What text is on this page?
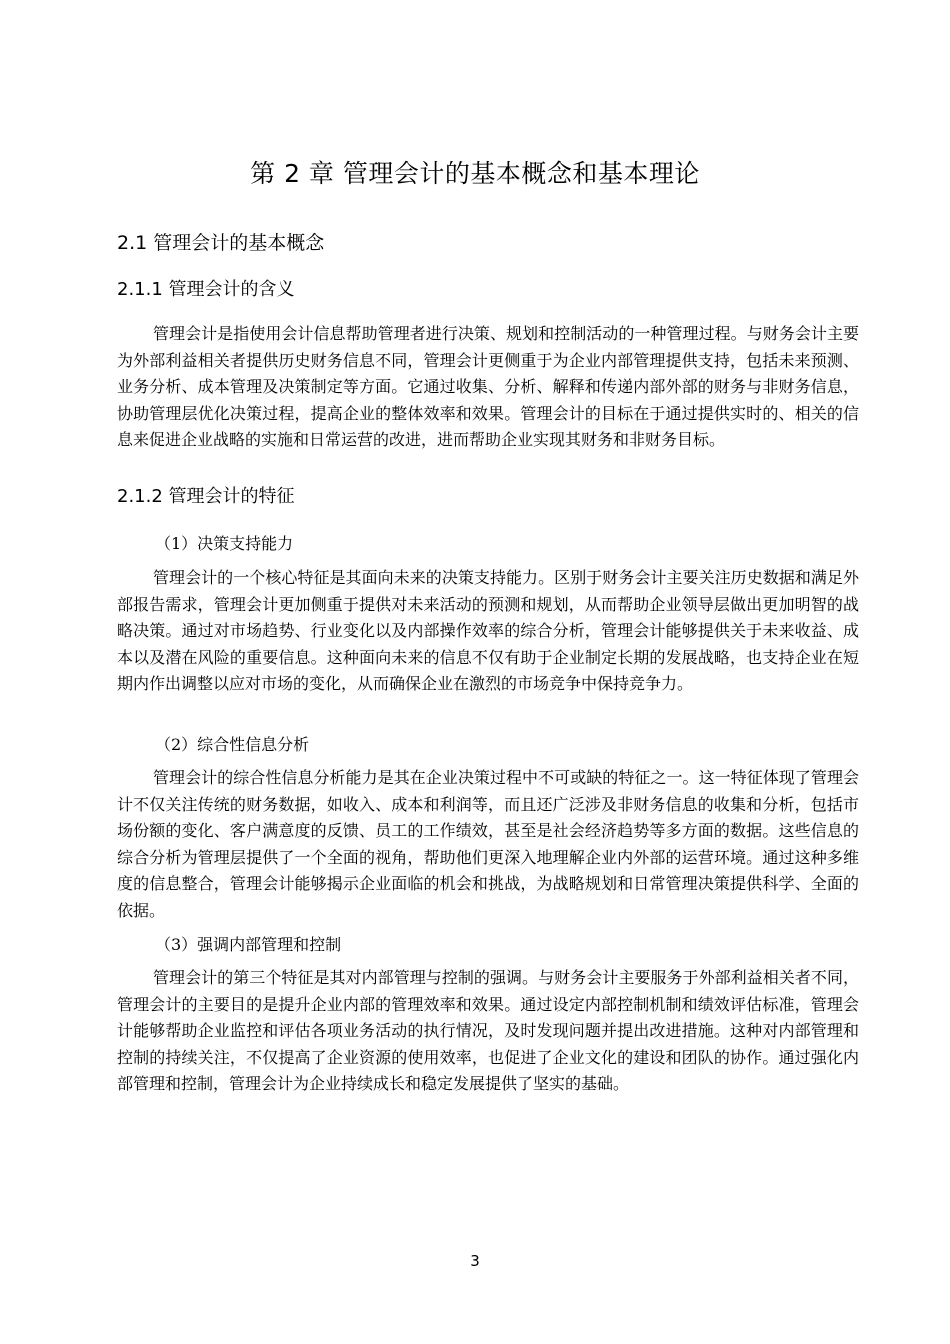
第 2 章 管理会计的基本概念和基本理论
2.1 管理会计的基本概念
2.1.1 管理会计的含义
管理会计是指使用会计信息帮助管理者进行决策、规划和控制活动的一种管理过程。与财务会计主要为外部利益相关者提供历史财务信息不同，管理会计更侧重于为企业内部管理提供支持，包括未来预测、业务分析、成本管理及决策制定等方面。它通过收集、分析、解释和传递内部外部的财务与非财务信息，协助管理层优化决策过程，提高企业的整体效率和效果。管理会计的目标在于通过提供实时的、相关的信息来促进企业战略的实施和日常运营的改进，进而帮助企业实现其财务和非财务目标。
2.1.2 管理会计的特征
（1）决策支持能力
管理会计的一个核心特征是其面向未来的决策支持能力。区别于财务会计主要关注历史数据和满足外部报告需求，管理会计更加侧重于提供对未来活动的预测和规划，从而帮助企业领导层做出更加明智的战略决策。通过对市场趋势、行业变化以及内部操作效率的综合分析，管理会计能够提供关于未来收益、成本以及潜在风险的重要信息。这种面向未来的信息不仅有助于企业制定长期的发展战略，也支持企业在短期内作出调整以应对市场的变化，从而确保企业在激烈的市场竞争中保持竞争力。
（2）综合性信息分析
管理会计的综合性信息分析能力是其在企业决策过程中不可或缺的特征之一。这一特征体现了管理会计不仅关注传统的财务数据，如收入、成本和利润等，而且还广泛涉及非财务信息的收集和分析，包括市场份额的变化、客户满意度的反馈、员工的工作绩效，甚至是社会经济趋势等多方面的数据。这些信息的综合分析为管理层提供了一个全面的视角，帮助他们更深入地理解企业内外部的运营环境。通过这种多维度的信息整合，管理会计能够揭示企业面临的机会和挑战，为战略规划和日常管理决策提供科学、全面的依据。
（3）强调内部管理和控制
管理会计的第三个特征是其对内部管理与控制的强调。与财务会计主要服务于外部利益相关者不同，管理会计的主要目的是提升企业内部的管理效率和效果。通过设定内部控制机制和绩效评估标准，管理会计能够帮助企业监控和评估各项业务活动的执行情况，及时发现问题并提出改进措施。这种对内部管理和控制的持续关注，不仅提高了企业资源的使用效率，也促进了企业文化的建设和团队的协作。通过强化内部管理和控制，管理会计为企业持续成长和稳定发展提供了坚实的基础。
3
